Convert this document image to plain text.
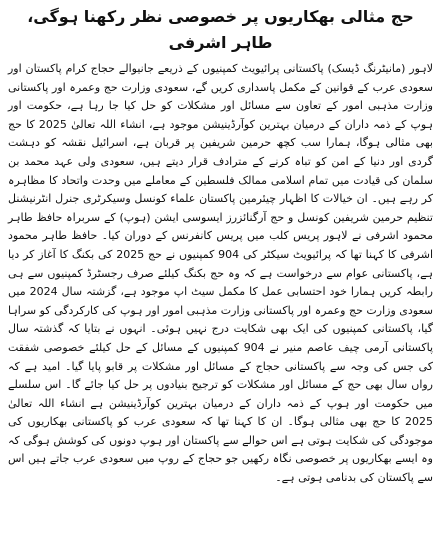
حج مثالی بھکاریوں پر خصوصی نظر رکھنا ہوگی، طاہر اشرفی

لاہور (مانیٹرنگ ڈیسک) پاکستانی پرائیویٹ کمپنیوں کے ذریعے جانیوالے حجاج کرام پاکستان اور سعودی عرب کے قوانین کے مکمل پاسداری کریں گے، سعودی وزارت حج وعمرہ اور پاکستانی وزارت مذہبی امور کے تعاون سے مسائل اور مشکلات کو حل کیا جا رہا ہے، حکومت اور ہوپ کے ذمہ داران کے درمیان بہترین کوآرڈینیشن موجود ہے، انشاء اللہ تعالیٰ 2025 کا حج بھی مثالی ہوگا، ہمارا سب کچھ حرمین شریفین پر قربان ہے، اسرائیل نقشہ کو دہشت گردی اور دنیا کے امن کو تباہ کرنے کے مترادف قرار دیتے ہیں، سعودی ولی عہد محمد بن سلمان کی قیادت میں تمام اسلامی ممالک فلسطین کے معاملے میں وحدت واتحاد کا مظاہرہ کر رہے ہیں۔ ان خیالات کا اظہار چیئرمین پاکستان علماء کونسل وسیکرٹری جنرل انٹرنیشنل تنظیم حرمین شریفین کونسل و حج آرگنائزرز ایسوسی ایشن (ہوپ) کے سربراہ حافظ طاہر محمود اشرفی نے لاہور پریس کلب میں پریس کانفرنس کے دوران کیا۔ حافظ طاہر محمود اشرفی کا کہنا تھا کہ پرائیویٹ سیکٹر کی 904 کمپنیوں نے حج 2025 کی بکنگ کا آغاز کر دیا ہے، پاکستانی عوام سے درخواست ہے کہ وہ حج بکنگ کیلئے صرف رجسٹرڈ کمپنیوں سے ہی رابطہ کریں ہمارا خود احتسابی عمل کا مکمل سیٹ اپ موجود ہے، گزشتہ سال 2024 میں سعودی وزارت حج وعمرہ اور پاکستانی وزارت مذہبی امور اور ہوپ کی کارکردگی کو سراہا گیا، پاکستانی کمپنیوں کی ایک بھی شکایت درج نہیں ہوئی۔ انہوں نے بتایا کہ گذشتہ سال پاکستانی آرمی چیف عاصم منیر نے 904 کمپنیوں کے مسائل کے حل کیلئے خصوصی شفقت کی جس کی وجہ سے پاکستانی حجاج کے مسائل اور مشکلات پر قابو پایا گیا۔ امید ہے کہ رواں سال بھی حج کے مسائل اور مشکلات کو ترجیح بنیادوں پر حل کیا جائے گا۔ اس سلسلے میں حکومت اور ہوپ کے ذمہ داران کے درمیان بہترین کوآرڈینیشن ہے انشاء اللہ تعالیٰ 2025 کا حج بھی مثالی ہوگا۔ ان کا کہنا تھا کہ سعودی عرب کو پاکستانی بھکاریوں کی موجودگی کی شکایت ہوتی ہے اس حوالے سے پاکستان اور ہوپ دونوں کی کوشش ہوگی کہ وہ ایسے بھکاریوں پر خصوصی نگاہ رکھیں جو حجاج کے روپ میں سعودی عرب جاتے ہیں اس سے پاکستان کی بدنامی ہوتی ہے۔
